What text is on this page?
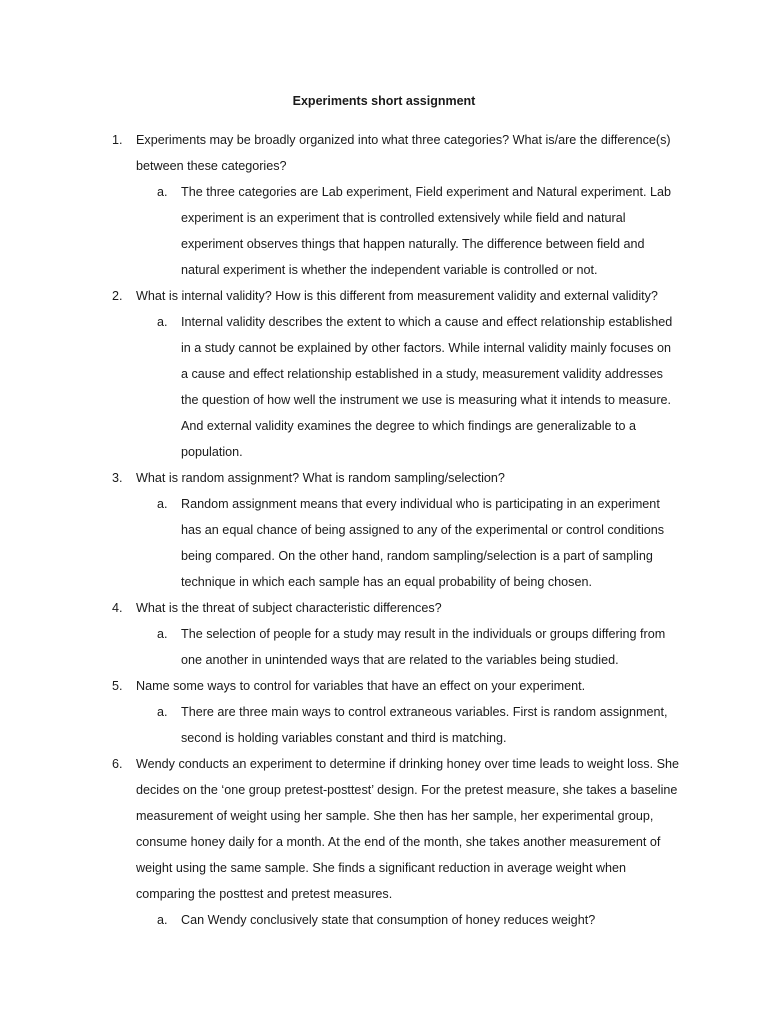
Experiments short assignment
1. Experiments may be broadly organized into what three categories? What is/are the difference(s) between these categories?
a. The three categories are Lab experiment, Field experiment and Natural experiment. Lab experiment is an experiment that is controlled extensively while field and natural experiment observes things that happen naturally. The difference between field and natural experiment is whether the independent variable is controlled or not.
2. What is internal validity? How is this different from measurement validity and external validity?
a. Internal validity describes the extent to which a cause and effect relationship established in a study cannot be explained by other factors. While internal validity mainly focuses on a cause and effect relationship established in a study, measurement validity addresses the question of how well the instrument we use is measuring what it intends to measure. And external validity examines the degree to which findings are generalizable to a population.
3. What is random assignment? What is random sampling/selection?
a. Random assignment means that every individual who is participating in an experiment has an equal chance of being assigned to any of the experimental or control conditions being compared. On the other hand, random sampling/selection is a part of sampling technique in which each sample has an equal probability of being chosen.
4. What is the threat of subject characteristic differences?
a. The selection of people for a study may result in the individuals or groups differing from one another in unintended ways that are related to the variables being studied.
5. Name some ways to control for variables that have an effect on your experiment.
a. There are three main ways to control extraneous variables. First is random assignment, second is holding variables constant and third is matching.
6. Wendy conducts an experiment to determine if drinking honey over time leads to weight loss. She decides on the ‘one group pretest-posttest’ design. For the pretest measure, she takes a baseline measurement of weight using her sample. She then has her sample, her experimental group, consume honey daily for a month. At the end of the month, she takes another measurement of weight using the same sample. She finds a significant reduction in average weight when comparing the posttest and pretest measures.
a. Can Wendy conclusively state that consumption of honey reduces weight?
